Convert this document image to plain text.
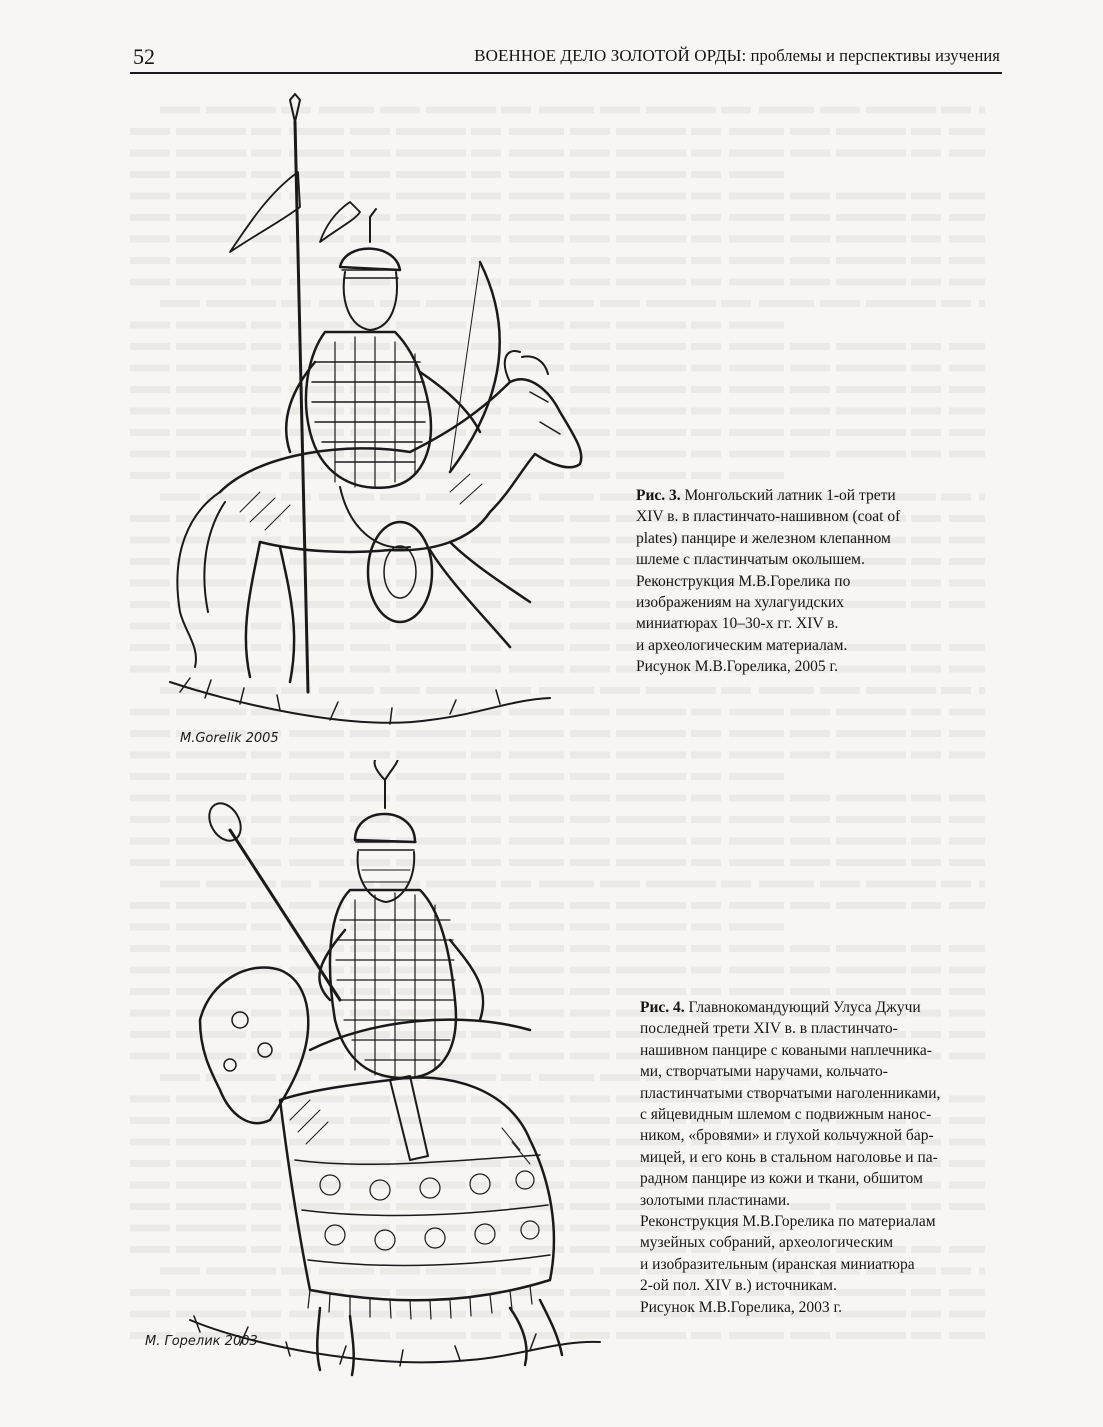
52	ВОЕННОЕ ДЕЛО ЗОЛОТОЙ ОРДЫ: проблемы и перспективы изучения
M.Gorelik 2005
М. Горелик 2003
Рис. 3. Монгольский латник 1-ой трети
XIV в. в пластинчато-нашивном (coat of
plates) панцире и железном клепанном
шлеме с пластинчатым околышем.
Реконструкция М.В.Горелика по
изображениям на хулагуидских
миниатюрах 10–30-х гг. XIV в.
и археологическим материалам.
Рисунок М.В.Горелика, 2005 г.
Рис. 4. Главнокомандующий Улуса Джучи
последней трети XIV в. в пластинчато-
нашивном панцире с коваными наплечника-
ми, створчатыми наручами, кольчато-
пластинчатыми створчатыми наголенниками,
с яйцевидным шлемом с подвижным нанос-
ником, «бровями» и глухой кольчужной бар-
мицей, и его конь в стальном наголовье и па-
радном панцире из кожи и ткани, обшитом
золотыми пластинами.
Реконструкция М.В.Горелика по материалам
музейных собраний, археологическим
и изобразительным (иранская миниатюра
2-ой пол. XIV в.) источникам.
Рисунок М.В.Горелика, 2003 г.
